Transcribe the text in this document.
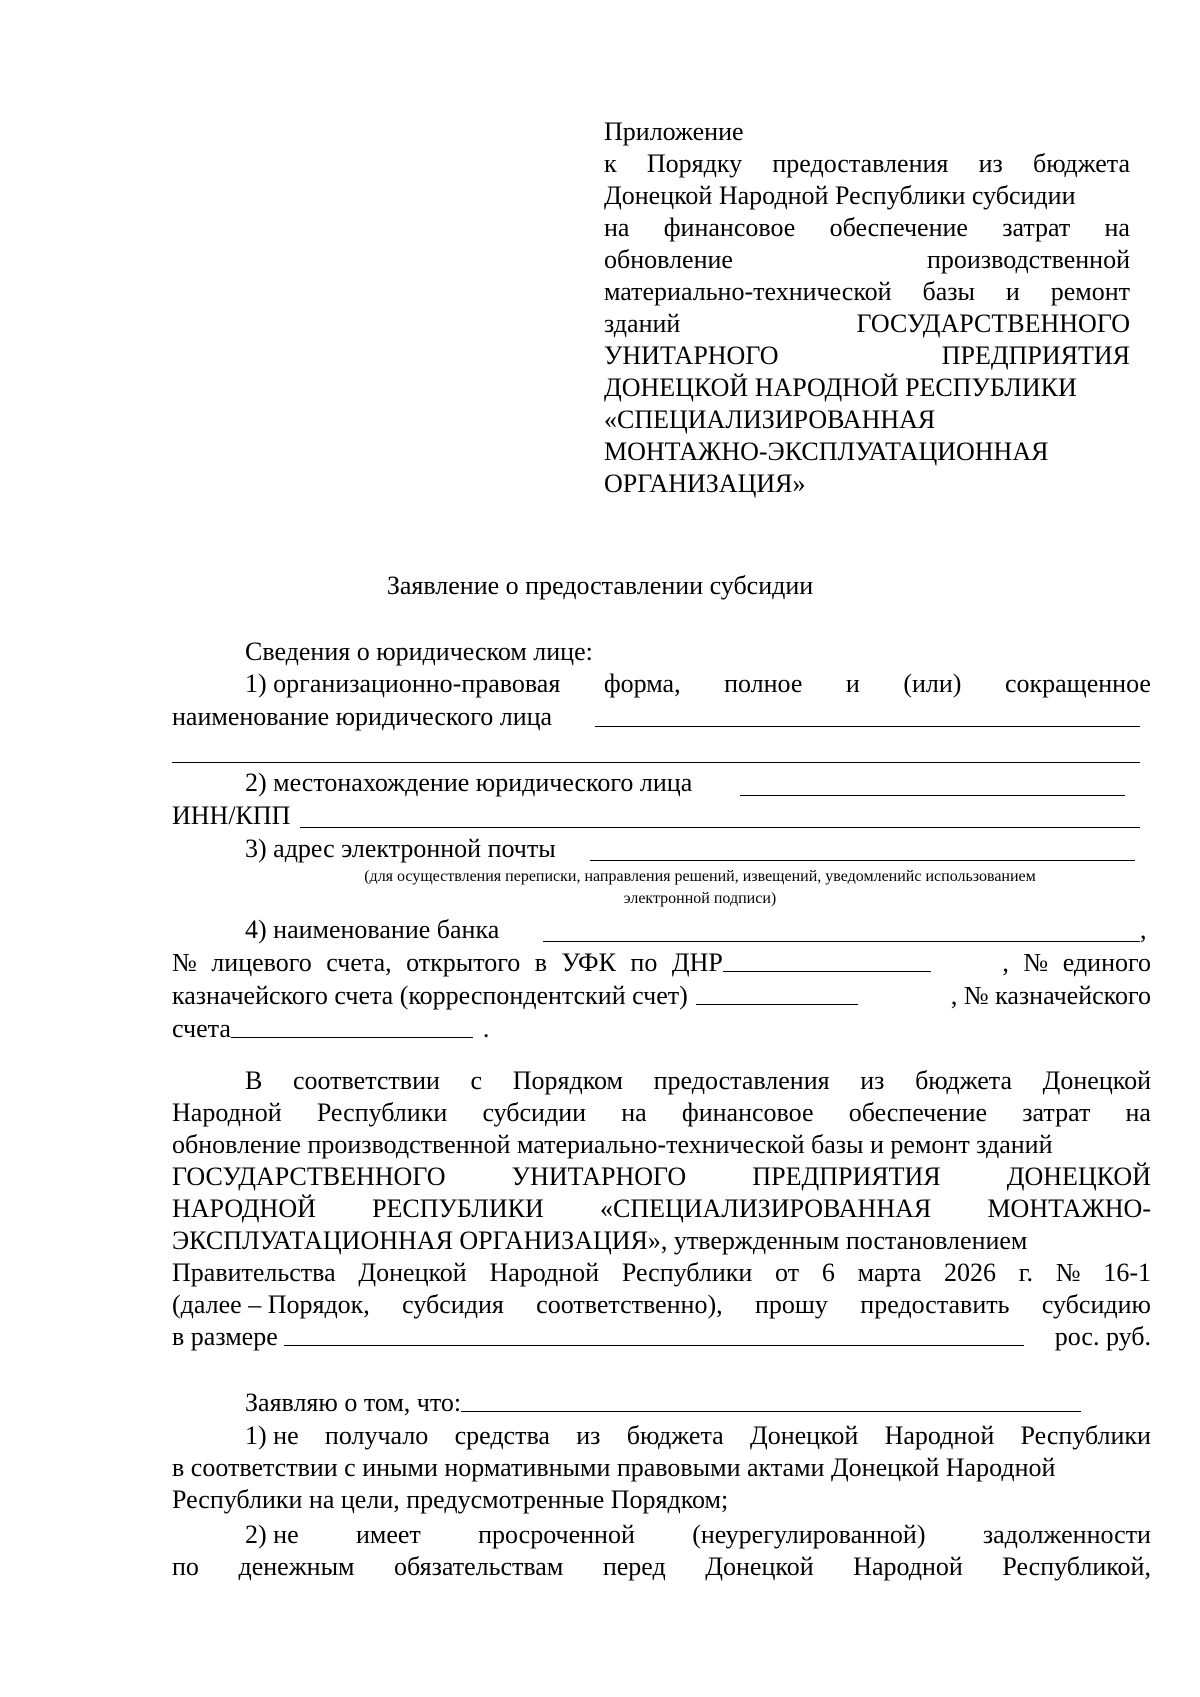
Приложение
к Порядку предоставления из бюджета
Донецкой Народной Республики субсидии
на финансовое обеспечение затрат на
обновление	производственной
материально-технической базы и ремонт
зданий	ГОСУДАРСТВЕННОГО
УНИТАРНОГО	ПРЕДПРИЯТИЯ
ДОНЕЦКОЙ НАРОДНОЙ РЕСПУБЛИКИ
«СПЕЦИАЛИЗИРОВАННАЯ
МОНТАЖНО-ЭКСПЛУАТАЦИОННАЯ
ОРГАНИЗАЦИЯ»
Заявление о предоставлении субсидии
Сведения о юридическом лице:
1) организационно-правовая форма, полное и (или) сокращенное
наименование юридического лица
2) местонахождение юридического лица
ИНН/КПП
3) адрес электронной почты
(для осуществления переписки, направления решений, извещений, уведомленийс использованием
электронной подписи)
4) наименование банка	,
№ лицевого счета, открытого в УФК по ДНР	, № единого
казначейского счета (корреспондентский счет)	, № казначейского
счета	.
В соответствии с Порядком предоставления из бюджета Донецкой
Народной Республики субсидии на финансовое обеспечение затрат на
обновление производственной материально-технической базы и ремонт зданий
ГОСУДАРСТВЕННОГО	УНИТАРНОГО	ПРЕДПРИЯТИЯ	ДОНЕЦКОЙ
НАРОДНОЙ РЕСПУБЛИКИ «СПЕЦИАЛИЗИРОВАННАЯ МОНТАЖНО-
ЭКСПЛУАТАЦИОННАЯ ОРГАНИЗАЦИЯ», утвержденным постановлением
Правительства Донецкой Народной Республики от 6 марта 2026 г. № 16-1
(далее – Порядок, субсидия соответственно), прошу предоставить субсидию
в размере	рос. руб.
Заявляю о том, что:
1) не получало средства из бюджета Донецкой Народной Республики
в соответствии с иными нормативными правовыми актами Донецкой Народной
Республики на цели, предусмотренные Порядком;
2) не имеет просроченной (неурегулированной) задолженности
по денежным обязательствам перед Донецкой Народной Республикой,
